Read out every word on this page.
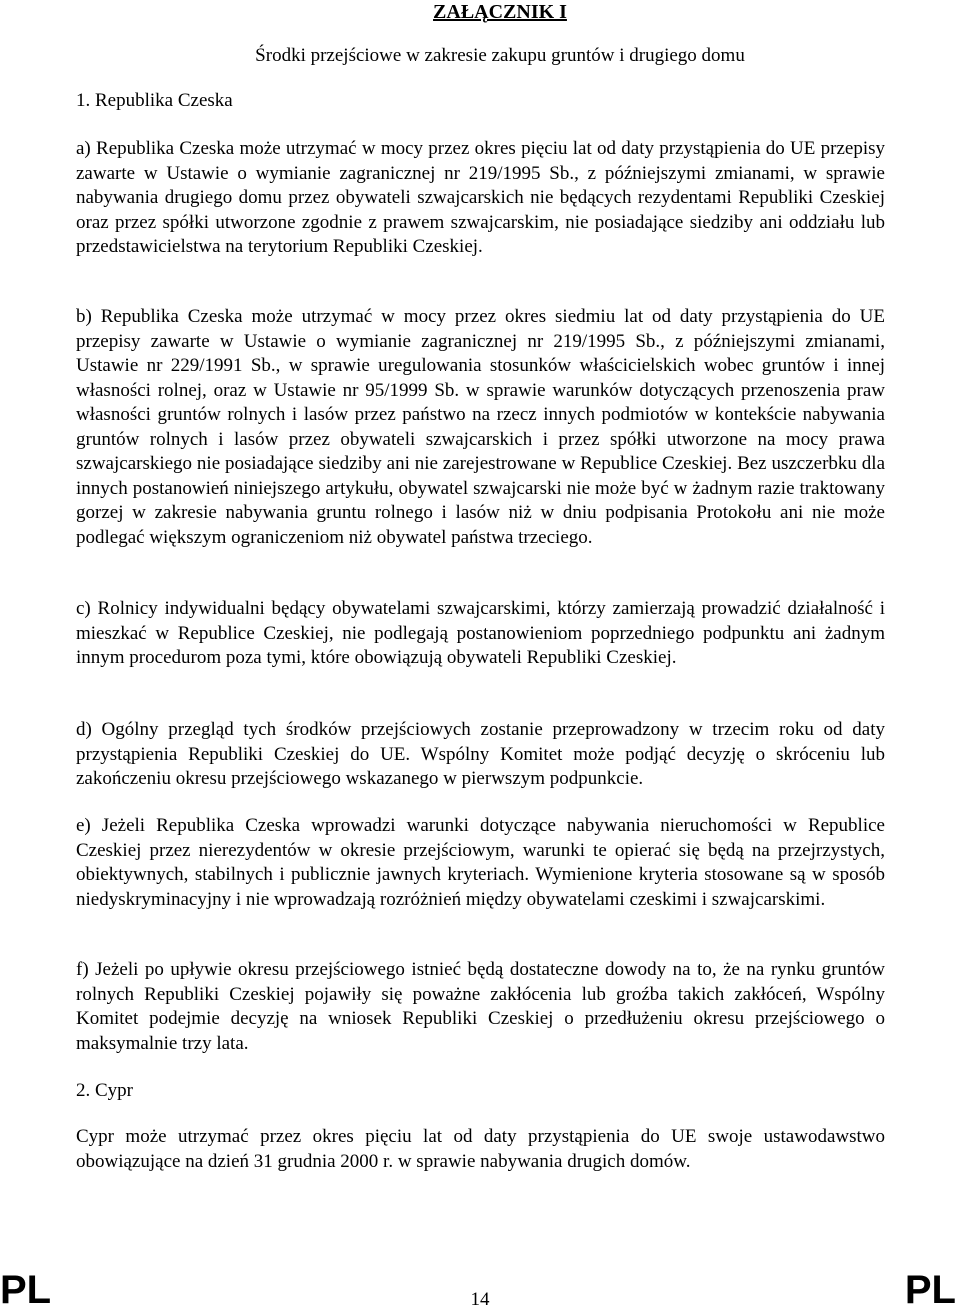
ZAŁĄCZNIK I
Środki przejściowe w zakresie zakupu gruntów i drugiego domu
1. Republika Czeska

a) Republika Czeska może utrzymać w mocy przez okres pięciu lat od daty przystąpienia do UE przepisy zawarte w Ustawie o wymianie zagranicznej nr 219/1995 Sb., z późniejszymi zmianami, w sprawie nabywania drugiego domu przez obywateli szwajcarskich nie będących rezydentami Republiki Czeskiej oraz przez spółki utworzone zgodnie z prawem szwajcarskim, nie posiadające siedziby ani oddziału lub przedstawicielstwa na terytorium Republiki Czeskiej.

b) Republika Czeska może utrzymać w mocy przez okres siedmiu lat od daty przystąpienia do UE przepisy zawarte w Ustawie o wymianie zagranicznej nr 219/1995 Sb., z późniejszymi zmianami, Ustawie nr 229/1991 Sb., w sprawie uregulowania stosunków właścicielskich wobec gruntów i innej własności rolnej, oraz w Ustawie nr 95/1999 Sb. w sprawie warunków dotyczących przenoszenia praw własności gruntów rolnych i lasów przez państwo na rzecz innych podmiotów w kontekście nabywania gruntów rolnych i lasów przez obywateli szwajcarskich i przez spółki utworzone na mocy prawa szwajcarskiego nie posiadające siedziby ani nie zarejestrowane w Republice Czeskiej. Bez uszczerbku dla innych postanowień niniejszego artykułu, obywatel szwajcarski nie może być w żadnym razie traktowany gorzej w zakresie nabywania gruntu rolnego i lasów niż w dniu podpisania Protokołu ani nie może podlegać większym ograniczeniom niż obywatel państwa trzeciego.

c) Rolnicy indywidualni będący obywatelami szwajcarskimi, którzy zamierzają prowadzić działalność i mieszkać w Republice Czeskiej, nie podlegają postanowieniom poprzedniego podpunktu ani żadnym innym procedurom poza tymi, które obowiązują obywateli Republiki Czeskiej.

d) Ogólny przegląd tych środków przejściowych zostanie przeprowadzony w trzecim roku od daty przystąpienia Republiki Czeskiej do UE. Wspólny Komitet może podjąć decyzję o skróceniu lub zakończeniu okresu przejściowego wskazanego w pierwszym podpunkcie.

e) Jeżeli Republika Czeska wprowadzi warunki dotyczące nabywania nieruchomości w Republice Czeskiej przez nierezydentów w okresie przejściowym, warunki te opierać się będą na przejrzystych, obiektywnych, stabilnych i publicznie jawnych kryteriach. Wymienione kryteria stosowane są w sposób niedyskryminacyjny i nie wprowadzają rozróżnień między obywatelami czeskimi i szwajcarskimi.

f) Jeżeli po upływie okresu przejściowego istnieć będą dostateczne dowody na to, że na rynku gruntów rolnych Republiki Czeskiej pojawiły się poważne zakłócenia lub groźba takich zakłóceń, Wspólny Komitet podejmie decyzję na wniosek Republiki Czeskiej o przedłużeniu okresu przejściowego o maksymalnie trzy lata.

2. Cypr

Cypr może utrzymać przez okres pięciu lat od daty przystąpienia do UE swoje ustawodawstwo obowiązujące na dzień 31 grudnia 2000 r. w sprawie nabywania drugich domów.

PL	14	PL
